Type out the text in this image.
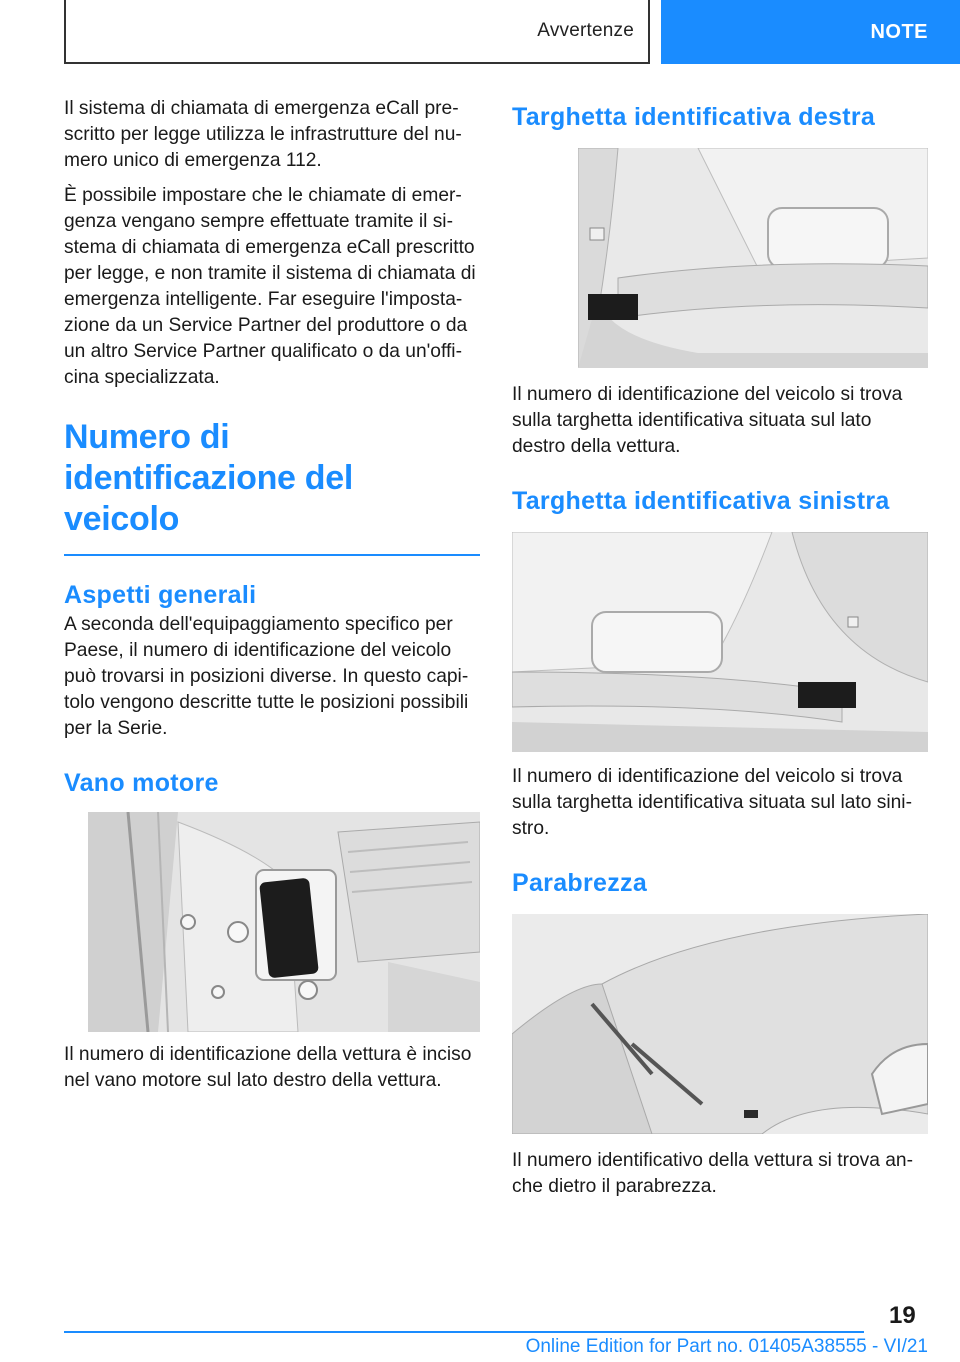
Avvertenze	NOTE

Il sistema di chiamata di emergenza eCall prescritto per legge utilizza le infrastrutture del numero unico di emergenza 112.

È possibile impostare che le chiamate di emergenza vengano sempre effettuate tramite il sistema di chiamata di emergenza eCall prescritto per legge, e non tramite il sistema di chiamata di emergenza intelligente. Far eseguire l'impostazione da un Service Partner del produttore o da un altro Service Partner qualificato o da un'officina specializzata.

Numero di identificazione del veicolo
Aspetti generali

A seconda dell'equipaggiamento specifico per Paese, il numero di identificazione del veicolo può trovarsi in posizioni diverse. In questo capitolo vengono descritte tutte le posizioni possibili per la Serie.

Vano motore

Il numero di identificazione della vettura è inciso nel vano motore sul lato destro della vettura.

Targhetta identificativa destra

Il numero di identificazione del veicolo si trova sulla targhetta identificativa situata sul lato destro della vettura.

Targhetta identificativa sinistra

Il numero di identificazione del veicolo si trova sulla targhetta identificativa situata sul lato sinistro.

Parabrezza

Il numero identificativo della vettura si trova anche dietro il parabrezza.

19
Online Edition for Part no. 01405A38555 - VI/21
